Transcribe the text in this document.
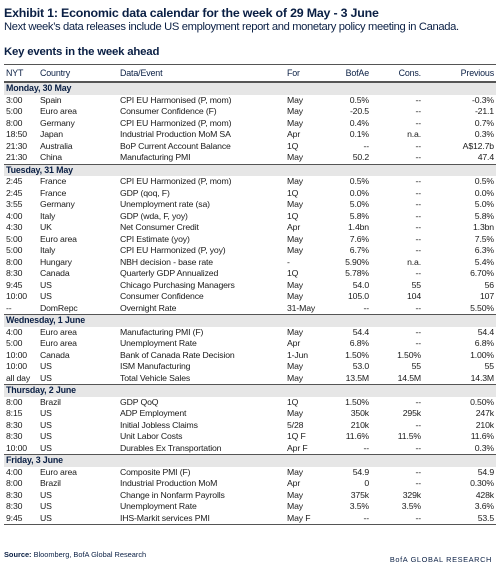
Exhibit 1: Economic data calendar for the week of 29 May - 3 June
Next week’s data releases include US employment report and monetary policy meeting in Canada.
Key events in the week ahead
NYT	Country	Data/Event	For	BofAe	Cons.	Previous
Monday, 30 May
3:00	Spain	CPI EU Harmonised (P, mom)	May	0.5%	--	-0.3%
5:00	Euro area	Consumer Confidence (F)	May	-20.5	--	-21.1
8:00	Germany	CPI EU Harmonized (P, mom)	May	0.4%	--	0.7%
18:50	Japan	Industrial Production MoM SA	Apr	0.1%	n.a.	0.3%
21:30	Australia	BoP Current Account Balance	1Q	--	--	A$12.7b
21:30	China	Manufacturing PMI	May	50.2	--	47.4
Tuesday, 31 May
2:45	France	CPI EU Harmonized (P, mom)	May	0.5%	--	0.5%
2:45	France	GDP (qoq, F)	1Q	0.0%	--	0.0%
3:55	Germany	Unemployment rate (sa)	May	5.0%	--	5.0%
4:00	Italy	GDP (wda, F, yoy)	1Q	5.8%	--	5.8%
4:30	UK	Net Consumer Credit	Apr	1.4bn	--	1.3bn
5:00	Euro area	CPI Estimate (yoy)	May	7.6%	--	7.5%
5:00	Italy	CPI EU Harmonized (P, yoy)	May	6.7%	--	6.3%
8:00	Hungary	NBH decision - base rate	-	5.90%	n.a.	5.4%
8:30	Canada	Quarterly GDP Annualized	1Q	5.78%	--	6.70%
9:45	US	Chicago Purchasing Managers	May	54.0	55	56
10:00	US	Consumer Confidence	May	105.0	104	107
--	DomRepc	Overnight Rate	31-May	--	--	5.50%
Wednesday, 1 June
4:00	Euro area	Manufacturing PMI (F)	May	54.4	--	54.4
5:00	Euro area	Unemployment Rate	Apr	6.8%	--	6.8%
10:00	Canada	Bank of Canada Rate Decision	1-Jun	1.50%	1.50%	1.00%
10:00	US	ISM Manufacturing	May	53.0	55	55
all day	US	Total Vehicle Sales	May	13.5M	14.5M	14.3M
Thursday, 2 June
8:00	Brazil	GDP QoQ	1Q	1.50%	--	0.50%
8:15	US	ADP Employment	May	350k	295k	247k
8:30	US	Initial Jobless Claims	5/28	210k	--	210k
8:30	US	Unit Labor Costs	1Q F	11.6%	11.5%	11.6%
10:00	US	Durables Ex Transportation	Apr F	--	--	0.3%
Friday, 3 June
4:00	Euro area	Composite PMI (F)	May	54.9	--	54.9
8:00	Brazil	Industrial Production MoM	Apr	0	--	0.30%
8:30	US	Change in Nonfarm Payrolls	May	375k	329k	428k
8:30	US	Unemployment Rate	May	3.5%	3.5%	3.6%
9:45	US	IHS-Markit services PMI	May F	--	--	53.5
Source: Bloomberg, BofA Global Research
BofA GLOBAL RESEARCH
